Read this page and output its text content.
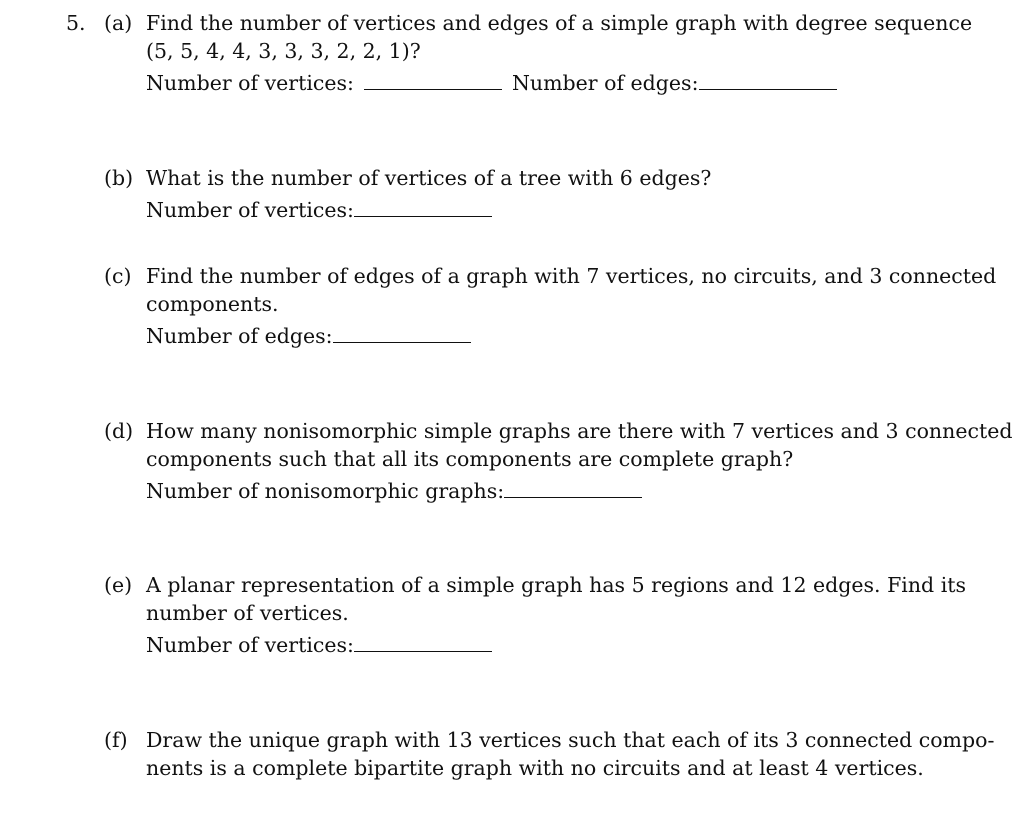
5. (a) Find the number of vertices and edges of a simple graph with degree sequence
(5, 5, 4, 4, 3, 3, 3, 2, 2, 1)?
Number of vertices:	Number of edges:
(b) What is the number of vertices of a tree with 6 edges?
Number of vertices:
(c) Find the number of edges of a graph with 7 vertices, no circuits, and 3 connected
components.
Number of edges:
(d) How many nonisomorphic simple graphs are there with 7 vertices and 3 connected
components such that all its components are complete graph?
Number of nonisomorphic graphs:
(e) A planar representation of a simple graph has 5 regions and 12 edges. Find its
number of vertices.
Number of vertices:
(f) Draw the unique graph with 13 vertices such that each of its 3 connected compo-
nents is a complete bipartite graph with no circuits and at least 4 vertices.
